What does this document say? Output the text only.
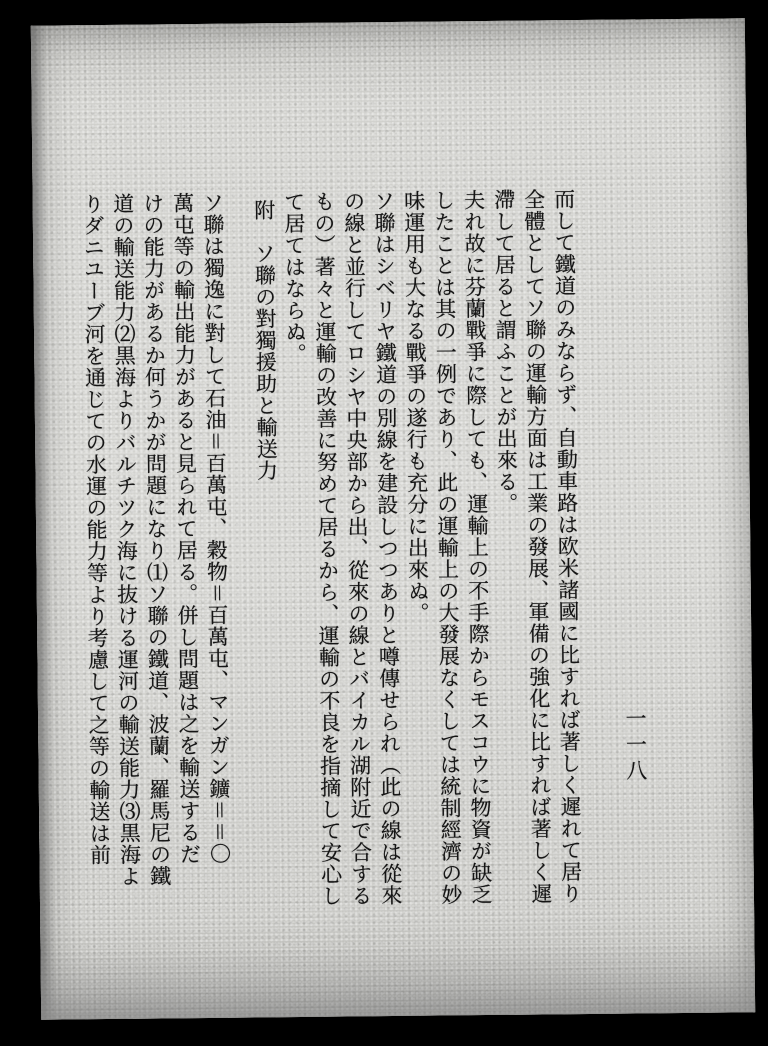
而して鐵道のみならず、自動車路は欧米諸國に比すれば著しく遲れて居り
全體としてソ聯の運輸方面は工業の發展、軍備の強化に比すれば著しく遲
滯して居ると謂ふことが出來る。
夫れ故に芬蘭戰爭に際しても、運輸上の不手際からモスコウに物資が缺乏
したことは其の一例であり、此の運輸上の大發展なくしては統制經濟の妙
味運用も大なる戰爭の遂行も充分に出來ぬ。
ソ聯はシベリヤ鐵道の別線を建設しつつありと噂傳せられ（此の線は從來
の線と並行してロシヤ中央部から出、從來の線とバイカル湖附近で合する
もの）著々と運輸の改善に努めて居るから、運輸の不良を指摘して安心し
て居てはならぬ。
附　ソ聯の對獨援助と輸送力
ソ聯は獨逸に對して石油＝百萬屯、穀物＝百萬屯、マンガン鑛＝＝〇
萬屯等の輸出能力があると見られて居る。併し問題は之を輸送するだ
けの能力があるか何うかが問題になり⑴ソ聯の鐵道、波蘭、羅馬尼の鐵
道の輸送能力⑵黒海よりバルチツク海に抜ける運河の輸送能力⑶黒海よ
りダニユーブ河を通じての水運の能力等より考慮して之等の輸送は前	一一八
